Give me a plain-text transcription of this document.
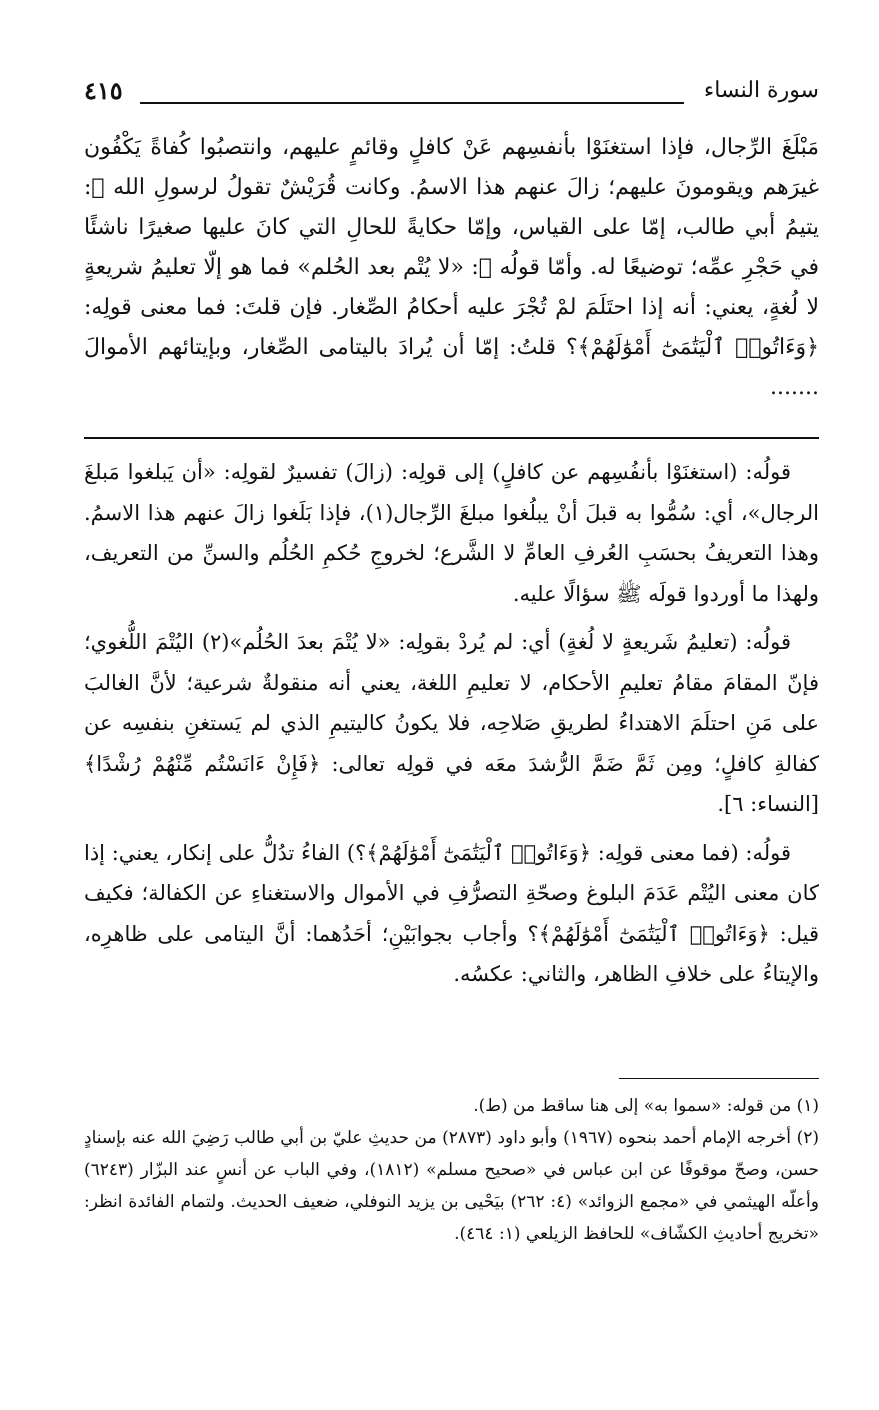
سورة النساء
٤١٥

مَبْلَغَ الرِّجال، فإذا استغنَوْا بأنفسِهم عَنْ كافلٍ وقائمٍ عليهم، وانتصبُوا كُفاةً يَكْفُون غيرَهم ويقومونَ عليهم؛ زالَ عنهم هذا الاسمُ. وكانت قُرَيْشٌ تقولُ لرسولِ الله ﷺ: يتيمُ أبي طالب، إمّا على القياس، وإمّا حكايةً للحالِ التي كانَ عليها صغيرًا ناشئًا في حَجْرِ عمِّه؛ توضيعًا له. وأمّا قولُه ﷺ: «لا يُتْم بعد الحُلم» فما هو إلّا تعليمُ شريعةٍ لا لُغةٍ، يعني: أنه إذا احتَلَمَ لمْ تُجْرَ عليه أحكامُ الصِّغار. فإن قلتَ: فما معنى قولِه: ﴿وَءَاتُوا۟ ٱلْيَتَٰمَىٰٓ أَمْوَٰلَهُمْ﴾؟ قلتُ: إمّا أن يُرادَ باليتامى الصِّغار، وبإيتائهم الأموالَ .......

قولُه: (استغنَوْا بأنفُسِهم عن كافلٍ) إلى قولِه: (زالَ) تفسيرٌ لقولِه: «أن يَبلغوا مَبلغَ الرجال»، أي: سُمُّوا به قبلَ أنْ يبلُغوا مبلغَ الرِّجال(١)، فإذا بَلَغوا زالَ عنهم هذا الاسمُ. وهذا التعريفُ بحسَبِ العُرفِ العامِّ لا الشَّرع؛ لخروجِ حُكمِ الحُلُم والسنِّ من التعريف، ولهذا ما أوردوا قولَه ﷺ سؤالًا عليه.

قولُه: (تعليمُ شَريعةٍ لا لُغةٍ) أي: لم يُردْ بقولِه: «لا يُتْمَ بعدَ الحُلُم»(٢) اليُتْمَ اللُّغوي؛ فإنّ المقامَ مقامُ تعليمِ الأحكام، لا تعليمِ اللغة، يعني أنه منقولةٌ شرعية؛ لأنَّ الغالبَ على مَنِ احتلَمَ الاهتداءُ لطريقِ صَلاحِه، فلا يكونُ كاليتيمِ الذي لم يَستغنِ بنفسِه عن كفالةِ كافلٍ؛ ومِن ثَمَّ ضَمَّ الرُّشدَ معَه في قولِه تعالى: ﴿فَإِنْ ءَانَسْتُم مِّنْهُمْ رُشْدًا﴾ [النساء: ٦].

قولُه: (فما معنى قولِه: ﴿وَءَاتُوا۟ ٱلْيَتَٰمَىٰٓ أَمْوَٰلَهُمْ﴾؟) الفاءُ تدُلُّ على إنكار، يعني: إذا كان معنى اليُتْم عَدَمَ البلوغ وصحّةِ التصرُّفِ في الأموال والاستغناءِ عن الكفالة؛ فكيف قيل: ﴿وَءَاتُوا۟ ٱلْيَتَٰمَىٰٓ أَمْوَٰلَهُمْ﴾؟ وأجاب بجوابَيْنِ؛ أحَدُهما: أنَّ اليتامى على ظاهرِه، والإيتاءُ على خلافِ الظاهر، والثاني: عكسُه.

(١) من قوله: «سموا به» إلى هنا ساقط من (ط).

(٢) أخرجه الإمام أحمد بنحوه (١٩٦٧) وأبو داود (٢٨٧٣) من حديثِ عليّ بن أبي طالب رَضِيَ الله عنه بإسنادٍ حسن، وصحّ موقوفًا عن ابن عباس في «صحيح مسلم» (١٨١٢)، وفي الباب عن أنسٍ عند البزّار (٦٢٤٣) وأعلّه الهيثمي في «مجمع الزوائد» (٤: ٢٦٢) بيَحْيى بن يزيد النوفلي، ضعيف الحديث. ولتمام الفائدة انظر: «تخريج أحاديثِ الكشّاف» للحافظ الزيلعي (١: ٤٦٤).
